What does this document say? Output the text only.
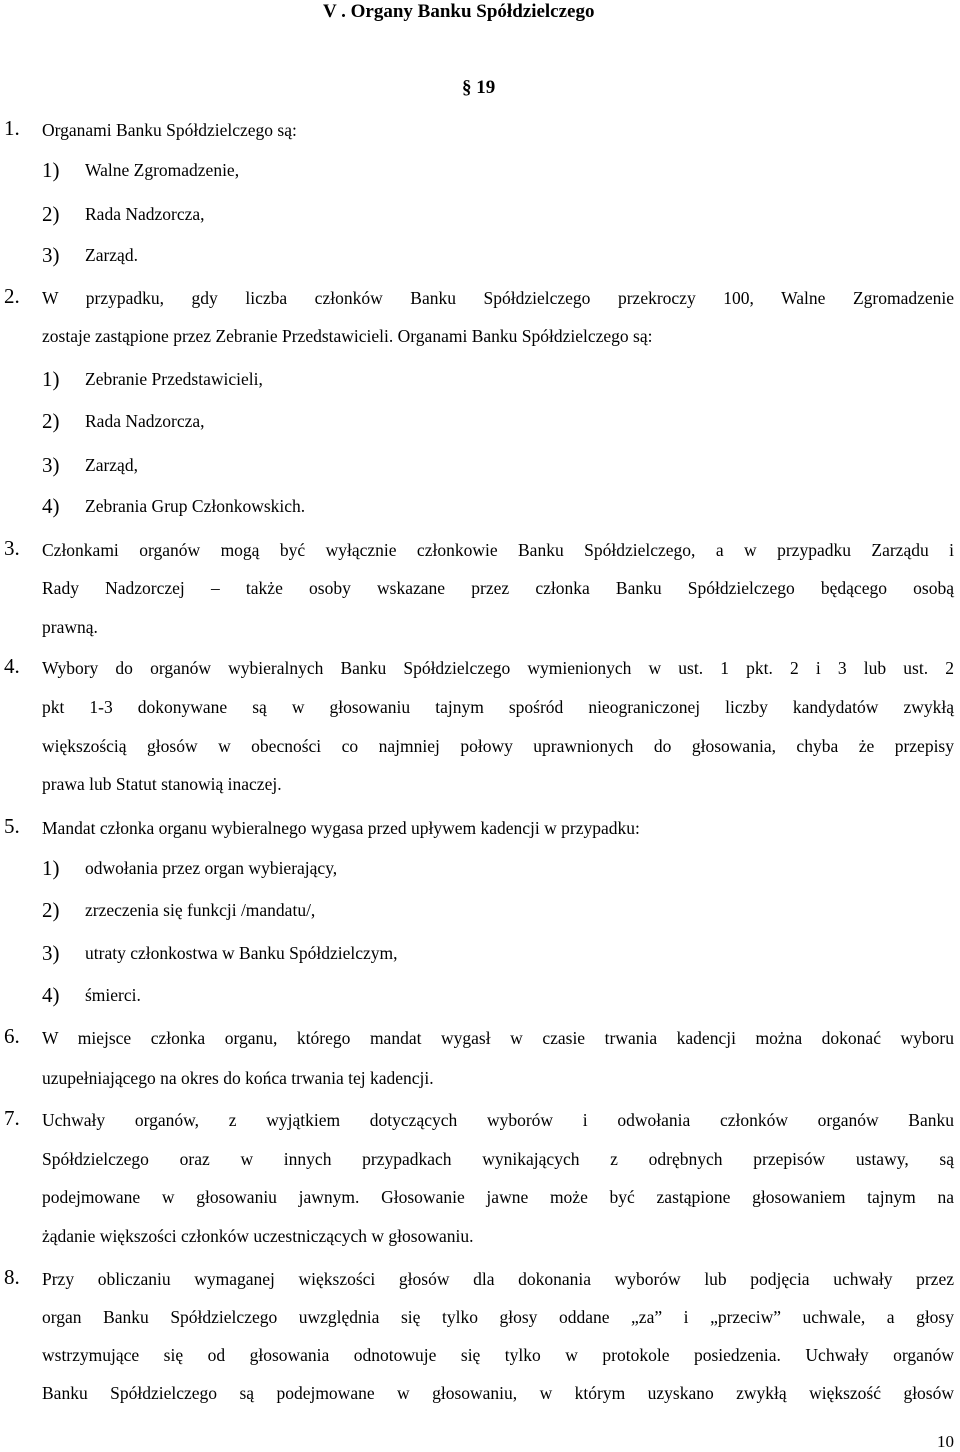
V . Organy Banku Spółdzielczego
§ 19
1. Organami Banku Spółdzielczego są:
1) Walne Zgromadzenie,
2) Rada Nadzorcza,
3) Zarząd.
2. W przypadku, gdy liczba członków Banku Spółdzielczego przekroczy 100, Walne Zgromadzenie
zostaje zastąpione przez Zebranie Przedstawicieli. Organami Banku Spółdzielczego są:
1) Zebranie Przedstawicieli,
2) Rada Nadzorcza,
3) Zarząd,
4) Zebrania Grup Członkowskich.
3. Członkami organów mogą być wyłącznie członkowie Banku Spółdzielczego, a w przypadku Zarządu i
Rady Nadzorczej – także osoby wskazane przez członka Banku Spółdzielczego będącego osobą
prawną.
4. Wybory do organów wybieralnych Banku Spółdzielczego wymienionych w ust. 1 pkt. 2 i 3 lub ust. 2
pkt 1-3 dokonywane są w głosowaniu tajnym spośród nieograniczonej liczby kandydatów zwykłą
większością głosów w obecności co najmniej połowy uprawnionych do głosowania, chyba że przepisy
prawa lub Statut stanowią inaczej.
5. Mandat członka organu wybieralnego wygasa przed upływem kadencji w przypadku:
1) odwołania przez organ wybierający,
2) zrzeczenia się funkcji /mandatu/,
3) utraty członkostwa w Banku Spółdzielczym,
4) śmierci.
6. W miejsce członka organu, którego mandat wygasł w czasie trwania kadencji można dokonać wyboru
uzupełniającego na okres do końca trwania tej kadencji.
7. Uchwały organów, z wyjątkiem dotyczących wyborów i odwołania członków organów Banku
Spółdzielczego oraz w innych przypadkach wynikających z odrębnych przepisów ustawy, są
podejmowane w głosowaniu jawnym. Głosowanie jawne może być zastąpione głosowaniem tajnym na
żądanie większości członków uczestniczących w głosowaniu.
8. Przy obliczaniu wymaganej większości głosów dla dokonania wyborów lub podjęcia uchwały przez
organ Banku Spółdzielczego uwzględnia się tylko głosy oddane „za” i „przeciw” uchwale, a głosy
wstrzymujące się od głosowania odnotowuje się tylko w protokole posiedzenia. Uchwały organów
Banku Spółdzielczego są podejmowane w głosowaniu, w którym uzyskano zwykłą większość głosów
10
